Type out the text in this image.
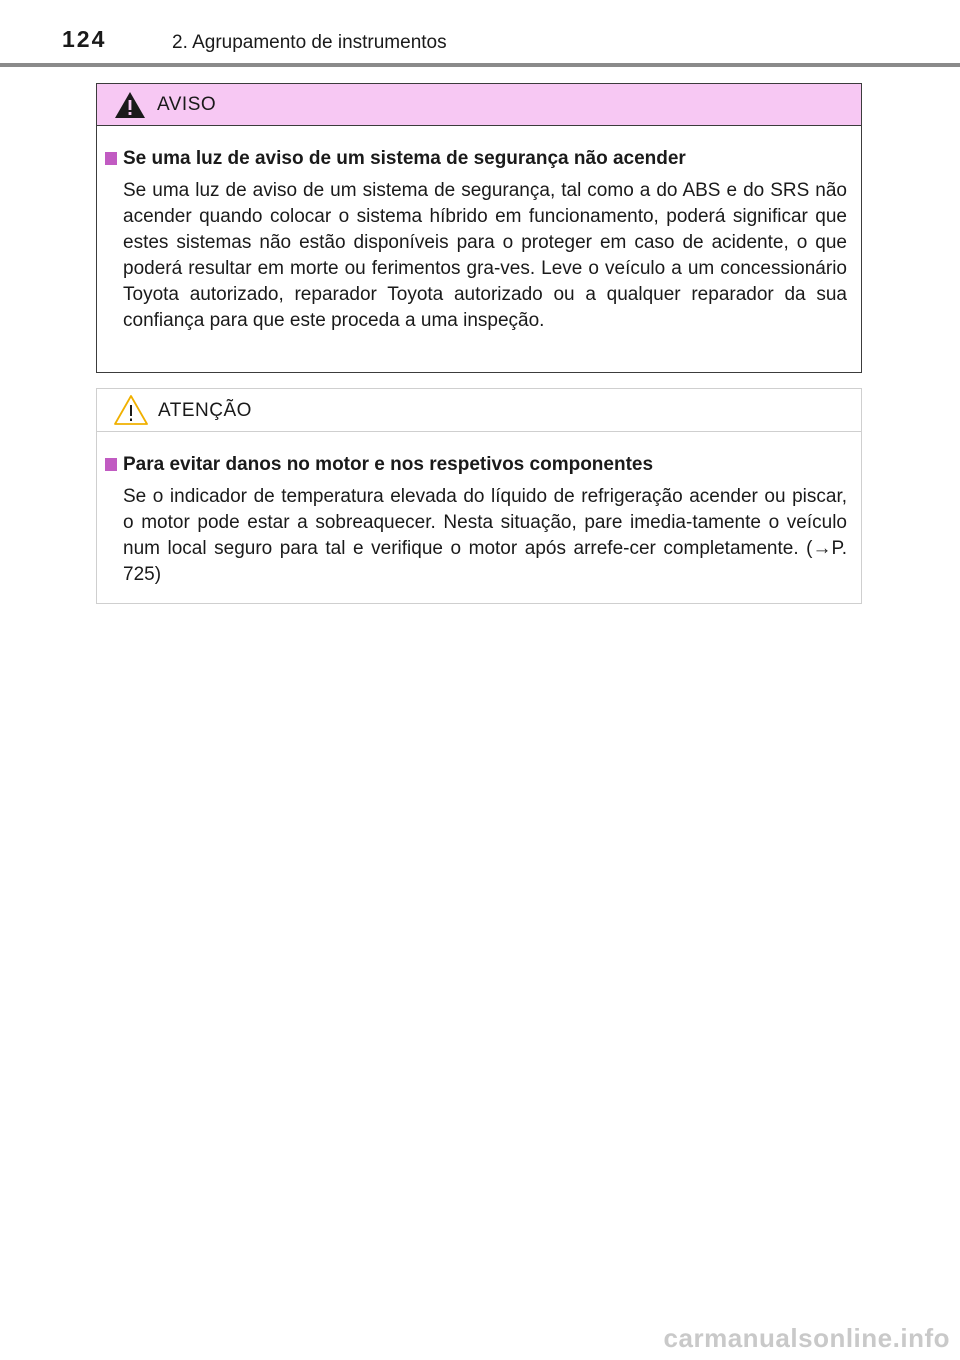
124	2. Agrupamento de instrumentos
AVISO
Se uma luz de aviso de um sistema de segurança não acender
Se uma luz de aviso de um sistema de segurança, tal como a do ABS e do SRS não acender quando colocar o sistema híbrido em funcionamento, poderá significar que estes sistemas não estão disponíveis para o proteger em caso de acidente, o que poderá resultar em morte ou ferimentos gra-ves. Leve o veículo a um concessionário Toyota autorizado, reparador Toyota autorizado ou a qualquer reparador da sua confiança para que este proceda a uma inspeção.
ATENÇÃO
Para evitar danos no motor e nos respetivos componentes
Se o indicador de temperatura elevada do líquido de refrigeração acender ou piscar, o motor pode estar a sobreaquecer. Nesta situação, pare imedia-tamente o veículo num local seguro para tal e verifique o motor após arrefe-cer completamente. (→P. 725)
carmanualsonline.info
